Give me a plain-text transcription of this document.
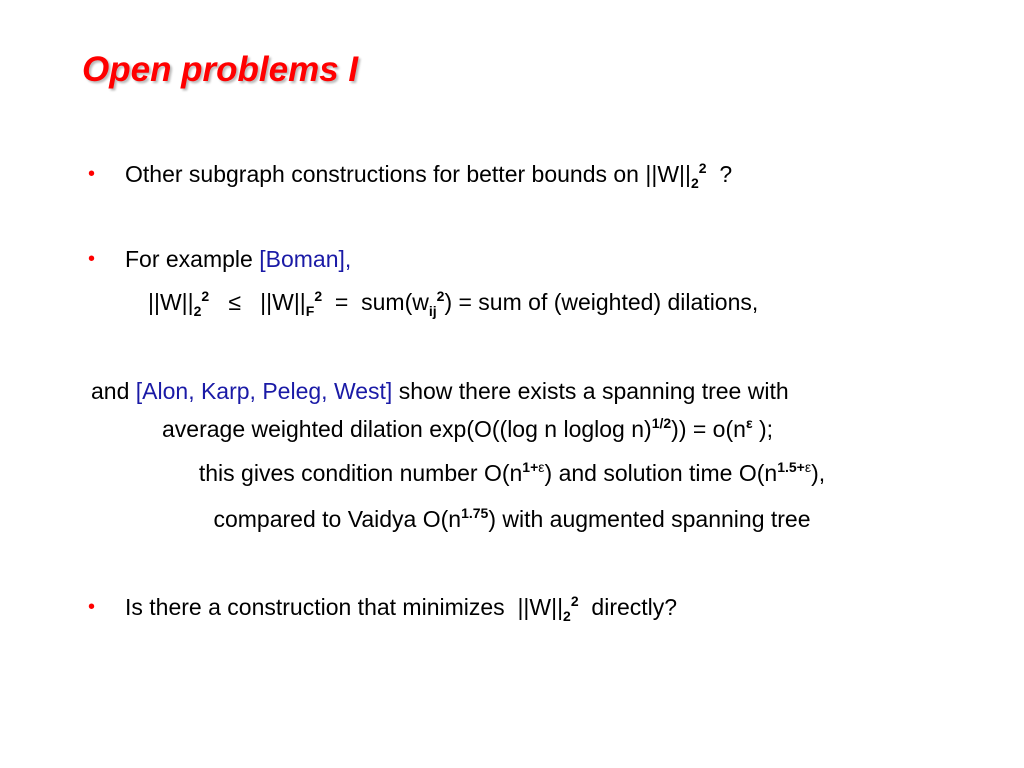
Open problems I
• Other subgraph constructions for better bounds on $||W||_2^2$  ?
• For example [Boman],
$||W||_2^2 \le ||W||_F^2 = sum(w_{ij}^2)$ = sum of (weighted) dilations,
and [Alon, Karp, Peleg, West] show there exists a spanning tree with
average weighted dilation exp(O((log n loglog $n)^{1/2})) = o(n^\varepsilon$ );
this gives condition number $O(n^{1+\varepsilon})$ and solution time $O(n^{1.5+\varepsilon})$,
compared to Vaidya $O(n^{1.75})$ with augmented spanning tree
• Is there a construction that minimizes  $||W||_2^2$  directly?
